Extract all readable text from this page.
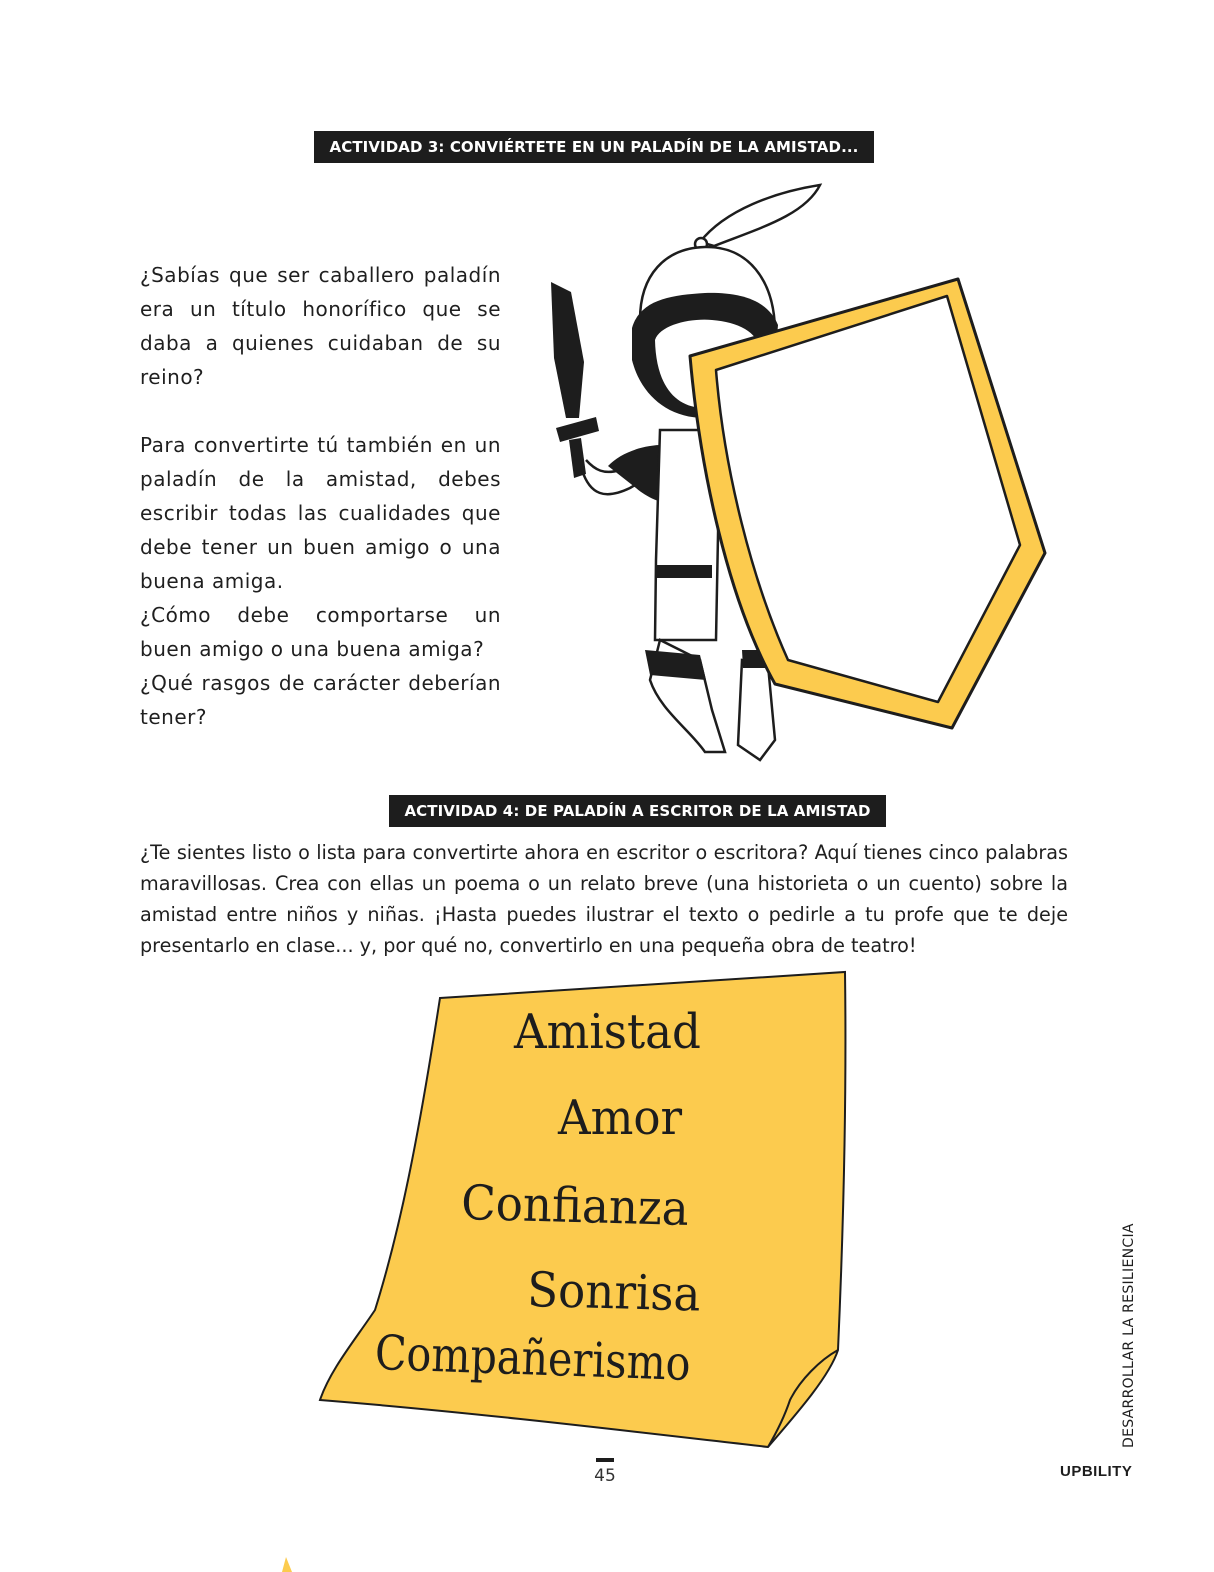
ACTIVIDAD 3: CONVIÉRTETE EN UN PALADÍN DE LA AMISTAD...

¿Sabías que ser caballero paladín era un título honorífico que se daba a quienes cuidaban de su reino?

Para convertirte tú también en un paladín de la amistad, debes escribir todas las cualidades que debe tener un buen amigo o una buena amiga.

¿Cómo debe comportarse un buen amigo o una buena amiga?

¿Qué rasgos de carácter deberían tener?

ACTIVIDAD 4: DE PALADÍN A ESCRITOR DE LA AMISTAD

¿Te sientes listo o lista para convertirte ahora en escritor o escritora? Aquí tienes cinco palabras maravillosas. Crea con ellas un poema o un relato breve (una historieta o un cuento) sobre la amistad entre niños y niñas. ¡Hasta puedes ilustrar el texto o pedirle a tu profe que te deje presentarlo en clase... y, por qué no, convertirlo en una pequeña obra de teatro!

Amistad
Amor
Confianza
Sonrisa
Compañerismo
45
DESARROLLAR LA RESILIENCIA
UPBILITY
